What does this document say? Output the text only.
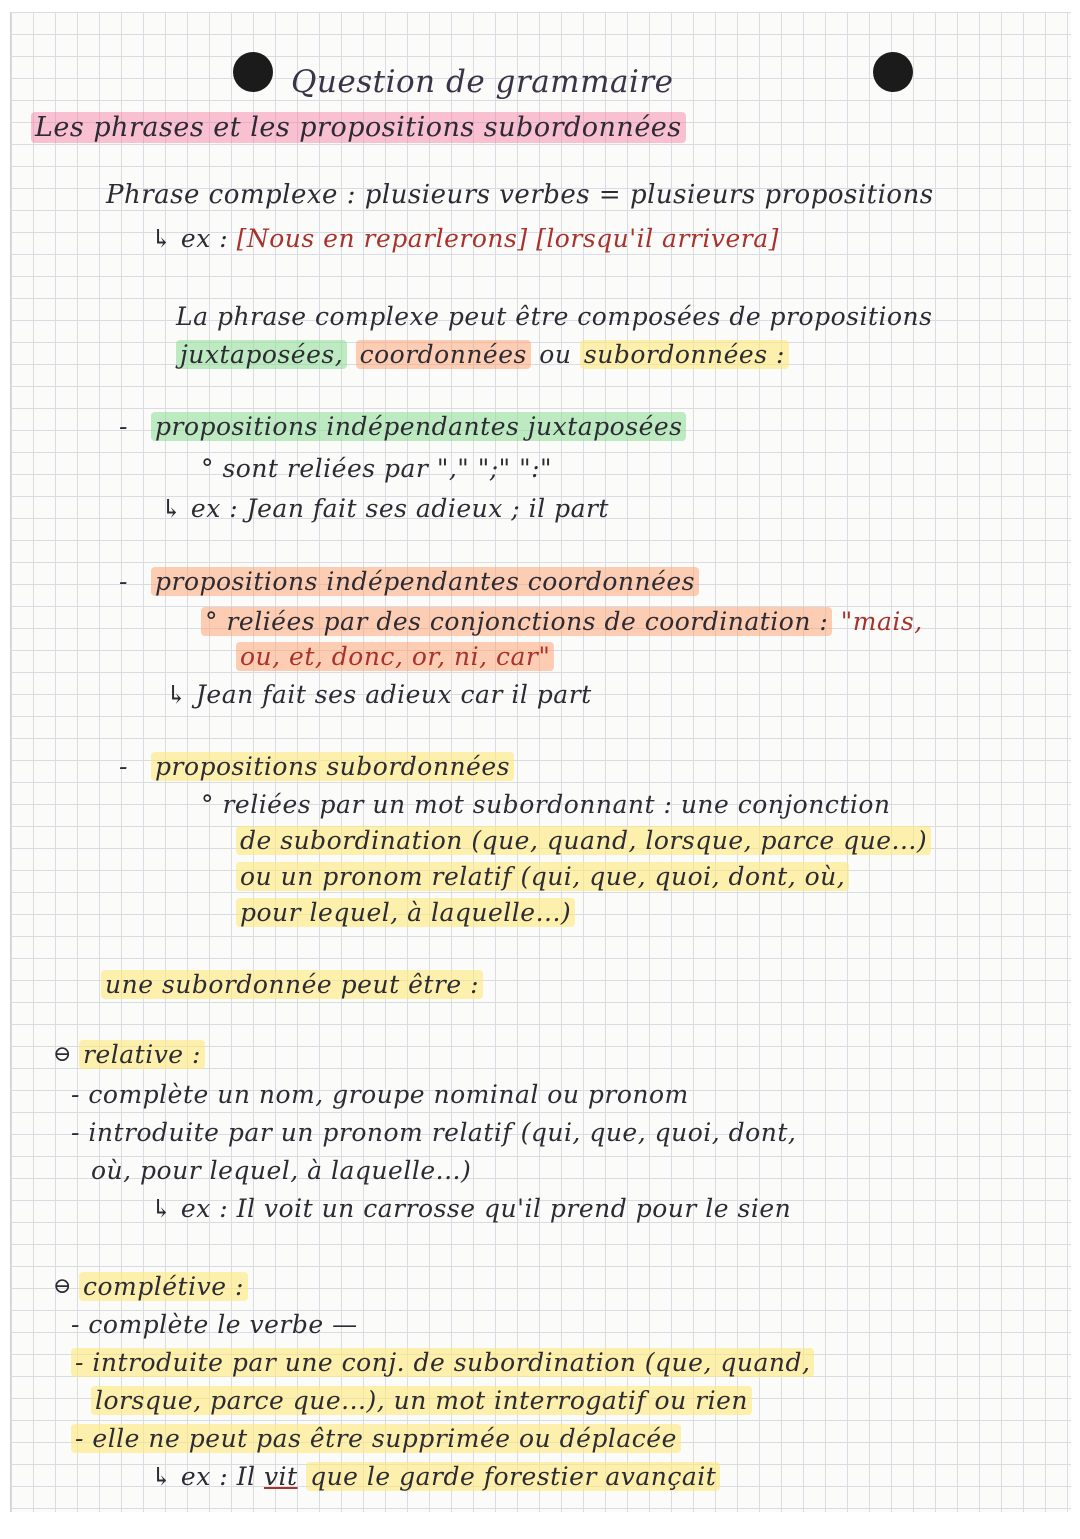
Question de grammaire
Les phrases et les propositions subordonnées
Phrase complexe : plusieurs verbes = plusieurs propositions
↳ ex : [Nous en reparlerons] [lorsqu'il arrivera]
La phrase complexe peut être composées de propositions
juxtaposées, coordonnées ou subordonnées :
- propositions indépendantes juxtaposées
° sont reliées par "," ";" ":"
↳ ex : Jean fait ses adieux ; il part
- propositions indépendantes coordonnées
° reliées par des conjonctions de coordination : "mais,
ou, et, donc, or, ni, car"
↳ Jean fait ses adieux car il part
- propositions subordonnées
° reliées par un mot subordonnant : une conjonction
de subordination (que, quand, lorsque, parce que...)
ou un pronom relatif (qui, que, quoi, dont, où,
pour lequel, à laquelle...)
une subordonnée peut être :
⊖ relative :
- complète un nom, groupe nominal ou pronom
- introduite par un pronom relatif (qui, que, quoi, dont,
où, pour lequel, à laquelle...)
↳ ex : Il voit un carrosse qu'il prend pour le sien
⊖ complétive :
- complète le verbe —
- introduite par une conj. de subordination (que, quand,
lorsque, parce que...), un mot interrogatif ou rien
- elle ne peut pas être supprimée ou déplacée
↳ ex : Il vit que le garde forestier avançait
